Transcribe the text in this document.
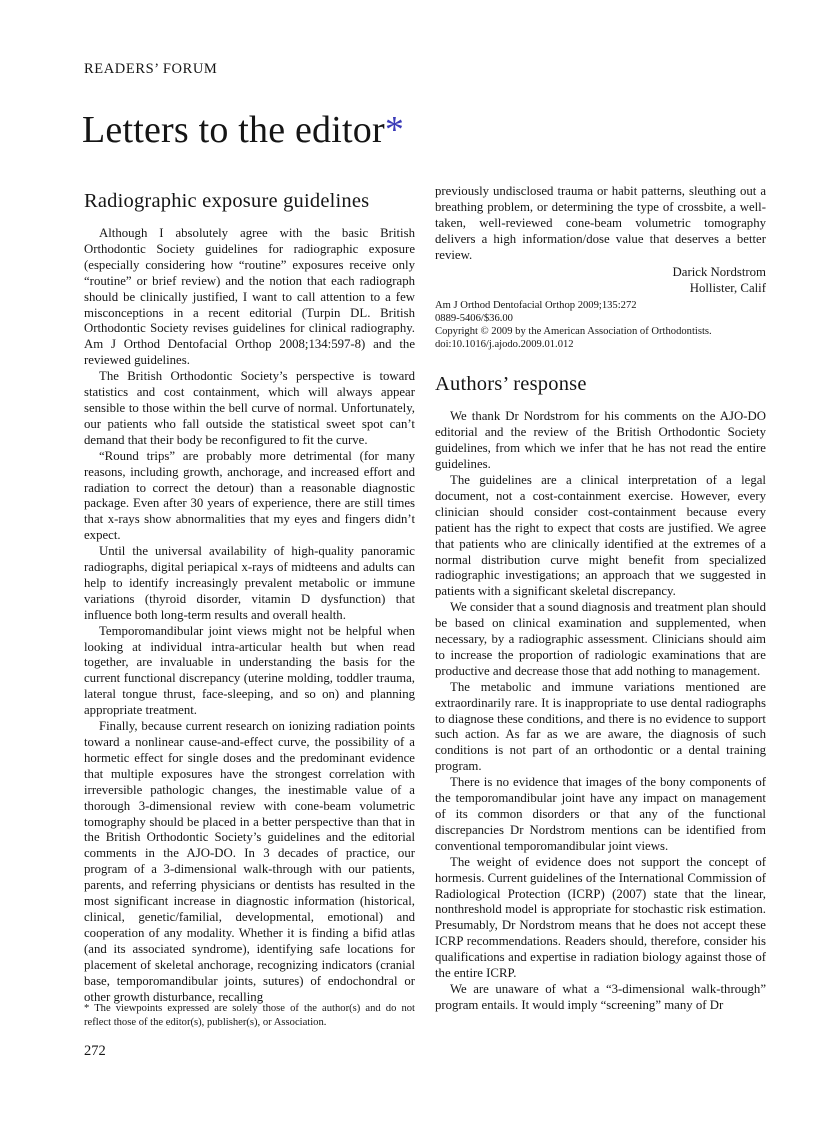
READERS’ FORUM
Letters to the editor*
Radiographic exposure guidelines

Although I absolutely agree with the basic British Orthodontic Society guidelines for radiographic exposure (especially considering how “routine” exposures receive only “routine” or brief review) and the notion that each radiograph should be clinically justified, I want to call attention to a few misconceptions in a recent editorial (Turpin DL. British Orthodontic Society revises guidelines for clinical radiography. Am J Orthod Dentofacial Orthop 2008;134:597-8) and the reviewed guidelines.

The British Orthodontic Society’s perspective is toward statistics and cost containment, which will always appear sensible to those within the bell curve of normal. Unfortunately, our patients who fall outside the statistical sweet spot can’t demand that their body be reconfigured to fit the curve.

“Round trips” are probably more detrimental (for many reasons, including growth, anchorage, and increased effort and radiation to correct the detour) than a reasonable diagnostic package. Even after 30 years of experience, there are still times that x-rays show abnormalities that my eyes and fingers didn’t expect.

Until the universal availability of high-quality panoramic radiographs, digital periapical x-rays of midteens and adults can help to identify increasingly prevalent metabolic or immune variations (thyroid disorder, vitamin D dysfunction) that influence both long-term results and overall health.

Temporomandibular joint views might not be helpful when looking at individual intra-articular health but when read together, are invaluable in understanding the basis for the current functional discrepancy (uterine molding, toddler trauma, lateral tongue thrust, face-sleeping, and so on) and planning appropriate treatment.

Finally, because current research on ionizing radiation points toward a nonlinear cause-and-effect curve, the possibility of a hormetic effect for single doses and the predominant evidence that multiple exposures have the strongest correlation with irreversible pathologic changes, the inestimable value of a thorough 3-dimensional review with cone-beam volumetric tomography should be placed in a better perspective than that in the British Orthodontic Society’s guidelines and the editorial comments in the AJO-DO. In 3 decades of practice, our program of a 3-dimensional walk-through with our patients, parents, and referring physicians or dentists has resulted in the most significant increase in diagnostic information (historical, clinical, genetic/familial, developmental, emotional) and cooperation of any modality. Whether it is finding a bifid atlas (and its associated syndrome), identifying safe locations for placement of skeletal anchorage, recognizing indicators (cranial base, temporomandibular joints, sutures) of endochondral or other growth disturbance, recalling

previously undisclosed trauma or habit patterns, sleuthing out a breathing problem, or determining the type of crossbite, a well-taken, well-reviewed cone-beam volumetric tomography delivers a high information/dose value that deserves a better review.

Darick Nordstrom
Hollister, Calif
Am J Orthod Dentofacial Orthop 2009;135:272
0889-5406/$36.00
Copyright © 2009 by the American Association of Orthodontists.
doi:10.1016/j.ajodo.2009.01.012
Authors’ response

We thank Dr Nordstrom for his comments on the AJO-DO editorial and the review of the British Orthodontic Society guidelines, from which we infer that he has not read the entire guidelines.

The guidelines are a clinical interpretation of a legal document, not a cost-containment exercise. However, every clinician should consider cost-containment because every patient has the right to expect that costs are justified. We agree that patients who are clinically identified at the extremes of a normal distribution curve might benefit from specialized radiographic investigations; an approach that we suggested in patients with a significant skeletal discrepancy.

We consider that a sound diagnosis and treatment plan should be based on clinical examination and supplemented, when necessary, by a radiographic assessment. Clinicians should aim to increase the proportion of radiologic examinations that are productive and decrease those that add nothing to management.

The metabolic and immune variations mentioned are extraordinarily rare. It is inappropriate to use dental radiographs to diagnose these conditions, and there is no evidence to support such action. As far as we are aware, the diagnosis of such conditions is not part of an orthodontic or a dental training program.

There is no evidence that images of the bony components of the temporomandibular joint have any impact on management of its common disorders or that any of the functional discrepancies Dr Nordstrom mentions can be identified from conventional temporomandibular joint views.

The weight of evidence does not support the concept of hormesis. Current guidelines of the International Commission of Radiological Protection (ICRP) (2007) state that the linear, nonthreshold model is appropriate for stochastic risk estimation. Presumably, Dr Nordstrom means that he does not accept these ICRP recommendations. Readers should, therefore, consider his qualifications and expertise in radiation biology against those of the entire ICRP.

We are unaware of what a “3-dimensional walk-through” program entails. It would imply “screening” many of Dr

* The viewpoints expressed are solely those of the author(s) and do not reflect those of the editor(s), publisher(s), or Association.
272
